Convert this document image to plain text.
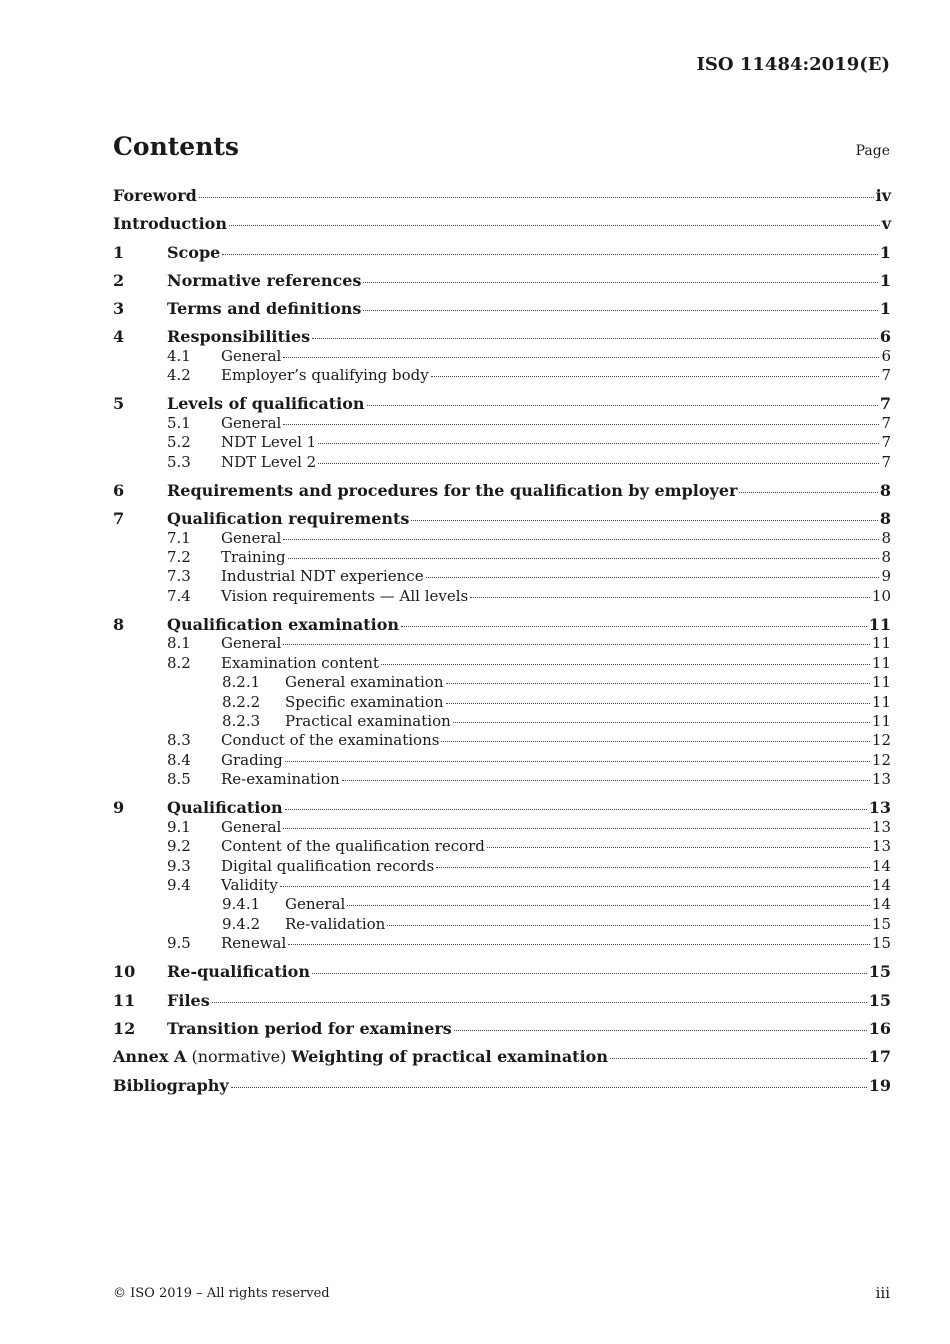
ISO 11484:2019(E)
Contents	Page
Foreword	iv
Introduction	v
1	Scope	1
2	Normative references	1
3	Terms and definitions	1
4	Responsibilities	6
4.1	General	6
4.2	Employer’s qualifying body	7
5	Levels of qualification	7
5.1	General	7
5.2	NDT Level 1	7
5.3	NDT Level 2	7
6	Requirements and procedures for the qualification by employer	8
7	Qualification requirements	8
7.1	General	8
7.2	Training	8
7.3	Industrial NDT experience	9
7.4	Vision requirements — All levels	10
8	Qualification examination	11
8.1	General	11
8.2	Examination content	11
8.2.1	General examination	11
8.2.2	Specific examination	11
8.2.3	Practical examination	11
8.3	Conduct of the examinations	12
8.4	Grading	12
8.5	Re-examination	13
9	Qualification	13
9.1	General	13
9.2	Content of the qualification record	13
9.3	Digital qualification records	14
9.4	Validity	14
9.4.1	General	14
9.4.2	Re-validation	15
9.5	Renewal	15
10	Re-qualification	15
11	Files	15
12	Transition period for examiners	16
Annex A (normative) Weighting of practical examination	17
Bibliography	19
© ISO 2019 – All rights reserved	iii
